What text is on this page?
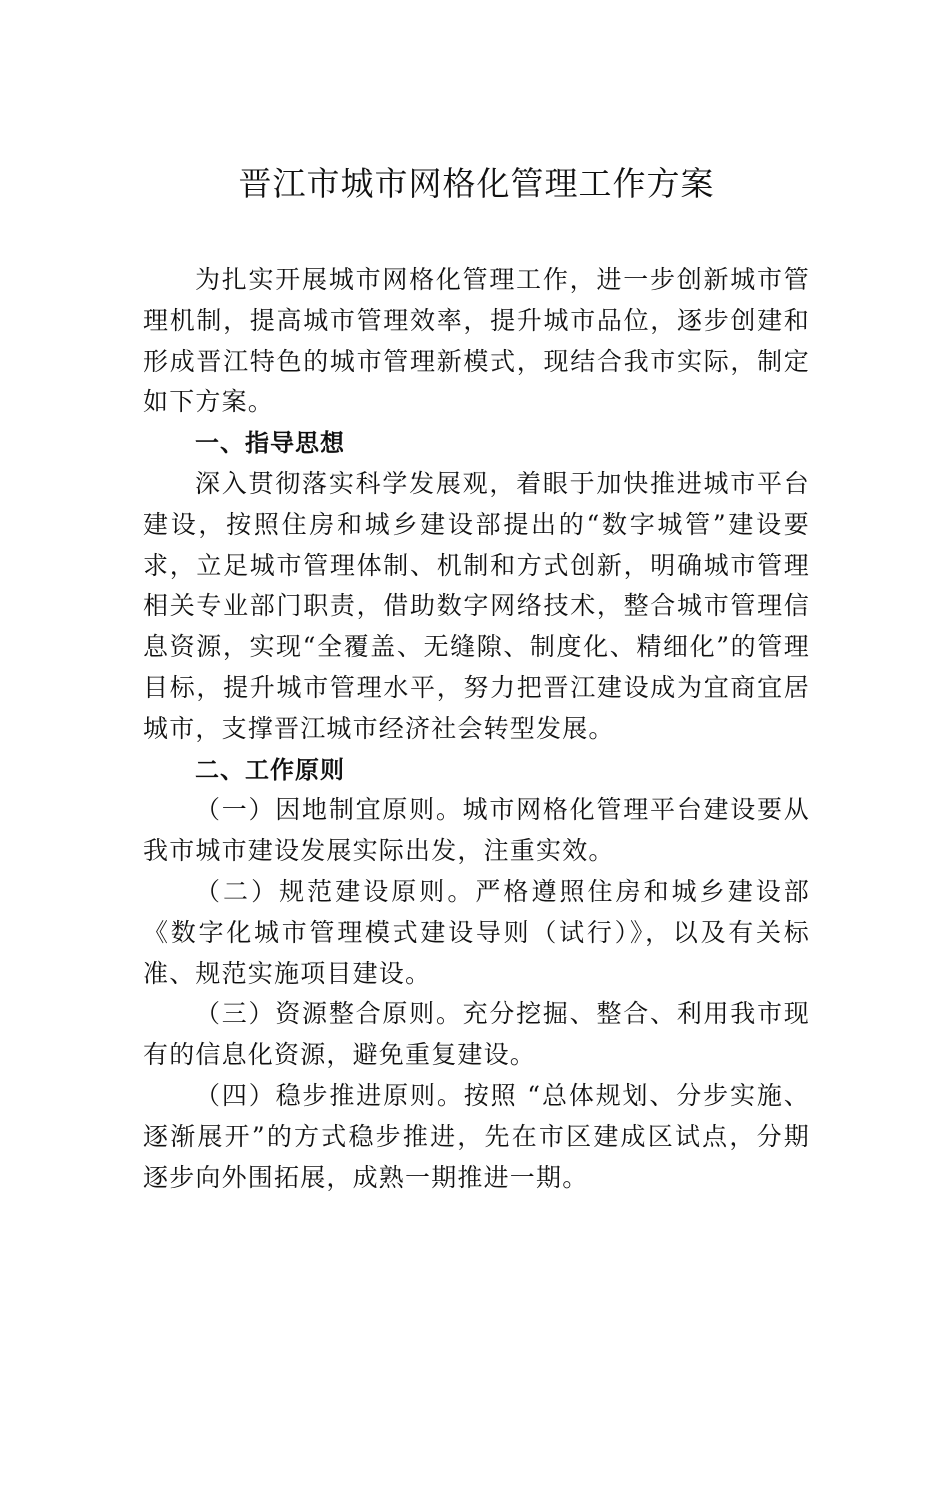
晋江市城市网格化管理工作方案

为扎实开展城市网格化管理工作，进一步创新城市管理机制，提高城市管理效率，提升城市品位，逐步创建和形成晋江特色的城市管理新模式，现结合我市实际，制定如下方案。

一、指导思想

深入贯彻落实科学发展观，着眼于加快推进城市平台建设，按照住房和城乡建设部提出的“数字城管”建设要求，立足城市管理体制、机制和方式创新，明确城市管理相关专业部门职责，借助数字网络技术，整合城市管理信息资源，实现“全覆盖、无缝隙、制度化、精细化”的管理目标，提升城市管理水平，努力把晋江建设成为宜商宜居城市，支撑晋江城市经济社会转型发展。

二、工作原则

（一）因地制宜原则。城市网格化管理平台建设要从我市城市建设发展实际出发，注重实效。

（二）规范建设原则。严格遵照住房和城乡建设部《数字化城市管理模式建设导则（试行）》，以及有关标准、规范实施项目建设。

（三）资源整合原则。充分挖掘、整合、利用我市现有的信息化资源，避免重复建设。

（四）稳步推进原则。按照 “总体规划、分步实施、逐渐展开”的方式稳步推进，先在市区建成区试点，分期逐步向外围拓展，成熟一期推进一期。
